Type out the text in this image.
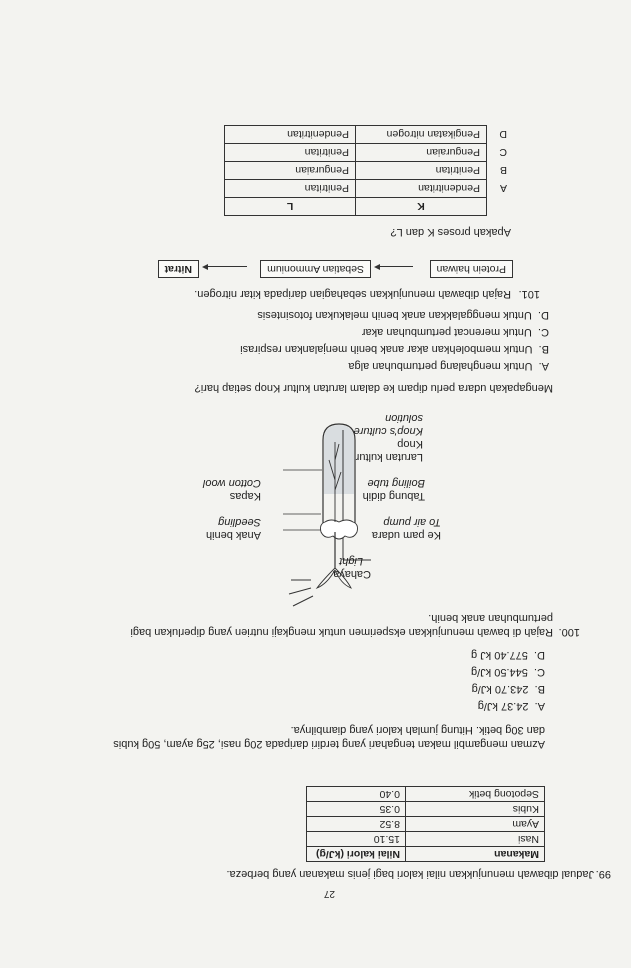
27
99.
Jadual dibawah menunjukkan nilai kalori bagi jenis makanan yang berbeza.
Makanan	Nilai kalori (kJ/g)
Nasi	15.10
Ayam	8.52
Kubis	0.35
Sepotong betik	0.40
Azman mengambil makan tengahari yang terdiri daripada 20g nasi, 25g ayam, 50g kubis
dan 30g betik. Hitung jumlah kalori yang diambilnya.
A.  24.37 kJ/g
B.  243.70 kJ/g
C.  544.50 kJ/g
D.  577.40 kJ g
100.
Rajah di bawah menunjukkan eksperimen untuk mengkaji nutrien yang diperlukan bagi
pertumbuhan anak benih.
Cahaya
Light
Ke pam udara
To air pump
Tabung didih
Boiling tube
Larutan kultur
Knop
Knop's culture
solution
Anak benih
Seedling
Kapas
Cotton wool
Mengapakah udara perlu dipam ke dalam larutan kultur Knop setiap hari?
A.  Untuk menghalang pertumbuhan alga
B.  Untuk membolehkan akar anak benih menjalankan respirasi
C.  Untuk merencat pertumbuhan akar
D.  Untuk menggalakkan anak benih melakukan fotosintesis
101.
Rajah dibawah menunjukkan sebahagian daripada kitar nitrogen.
Protein haiwan
Sebatian Ammonium
Nitrat
Apakah proses K dan L?
	K	L
A	Pendenitritan	Penitritan
B	Penitritan	Penguraian
C	Penguraian	Penitritan
D	Pengikatan nitrogen	Pendenitritan
